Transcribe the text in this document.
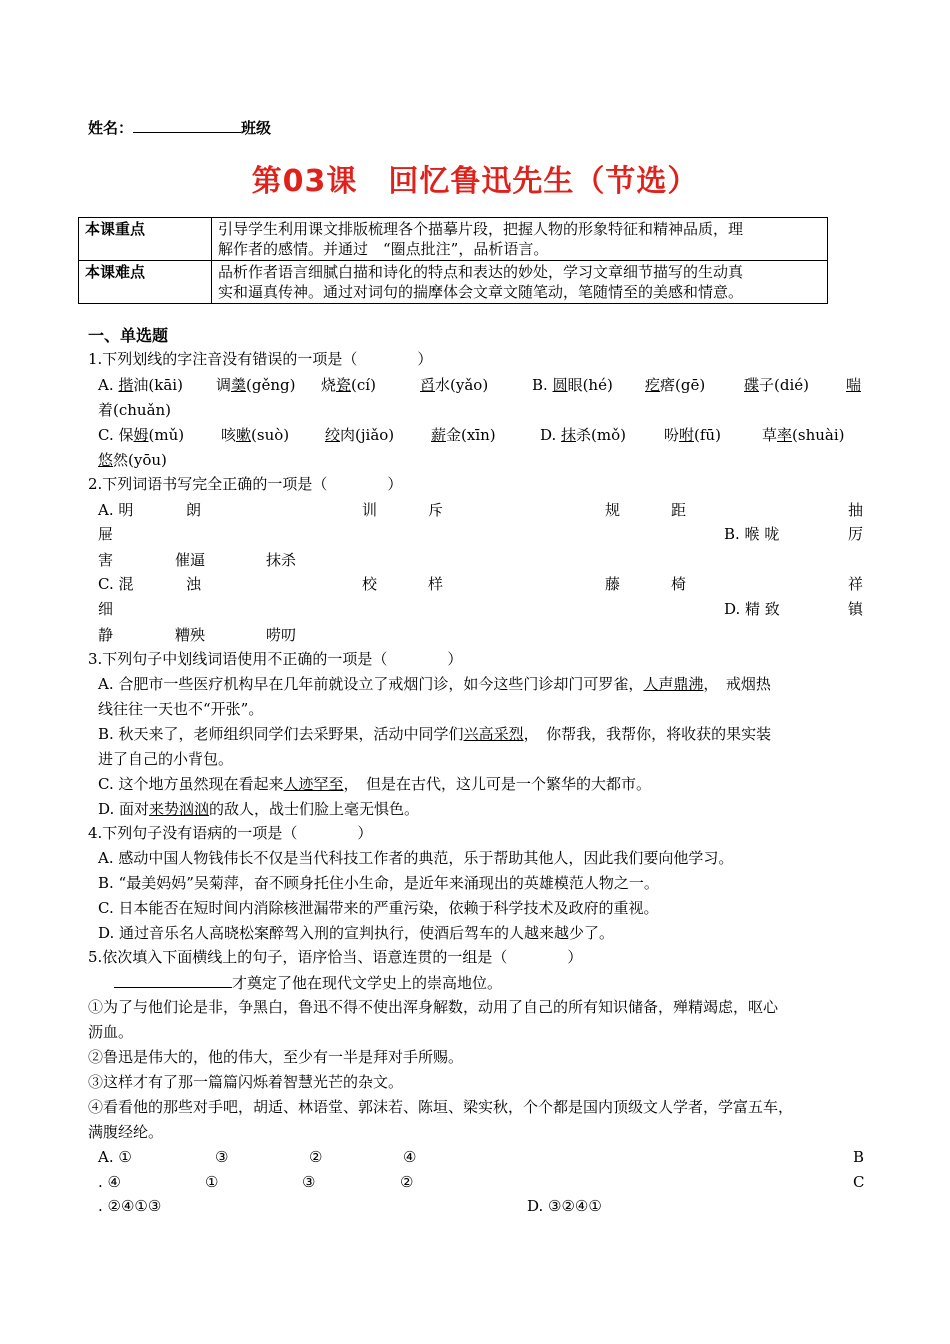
姓名：	班级
第03课　回忆鲁迅先生（节选）
本课重点	引导学生利用课文排版梳理各个描摹片段，把握人物的形象特征和精神品质，理
解作者的感情。并通过　“圈点批注”，品析语言。

本课难点	品析作者语言细腻白描和诗化的特点和表达的妙处，学习文章细节描写的生动真
实和逼真传神。通过对词句的揣摩体会文章文随笔动，笔随情至的美感和情意。
一、单选题
1.下列划线的字注音没有错误的一项是（　　　　）
A. 揩油(kāi) 调羹(gěng) 烧瓷(cí)	舀水(yǎo)	B. 圆眼(hé) 疙瘩(gē)	碟子(dié) 喘
着(chuǎn)
C. 保姆(mǔ) 咳嗽(suò) 绞肉(jiǎo) 薪金(xīn)	D. 抹杀(mǒ)	吩咐(fū)	草率(shuài)
悠然(yōu)
2.下列词语书写完全正确的一项是（　　　　）
A. 明	朗	训	斥	规	距	抽
屉	B. 喉 咙	厉
害	催逼	抹杀
C. 混	浊	校	样	藤	椅	祥
细	D. 精 致	镇
静	糟殃	唠叨
3.下列句子中划线词语使用不正确的一项是（　　　　）
A. 合肥市一些医疗机构早在几年前就设立了戒烟门诊，如今这些门诊却门可罗雀，人声鼎沸，　戒烟热
线往往一天也不“开张”。
B. 秋天来了，老师组织同学们去采野果，活动中同学们兴高采烈，　你帮我，我帮你，将收获的果实装
进了自己的小背包。
C. 这个地方虽然现在看起来人迹罕至，　但是在古代，这儿可是一个繁华的大都市。
D. 面对来势汹汹的敌人，战士们脸上毫无惧色。
4.下列句子没有语病的一项是（　　　　）
A. 感动中国人物钱伟长不仅是当代科技工作者的典范，乐于帮助其他人，因此我们要向他学习。
B. “最美妈妈”吴菊萍，奋不顾身托住小生命，是近年来涌现出的英雄模范人物之一。
C. 日本能否在短时间内消除核泄漏带来的严重污染，依赖于科学技术及政府的重视。
D. 通过音乐名人高晓松案醉驾入刑的宣判执行，使酒后驾车的人越来越少了。
5.依次填入下面横线上的句子，语序恰当、语意连贯的一组是（　　　　）
才奠定了他在现代文学史上的崇高地位。
①为了与他们论是非，争黑白，鲁迅不得不使出浑身解数，动用了自己的所有知识储备，殚精竭虑，呕心
沥血。
②鲁迅是伟大的，他的伟大，至少有一半是拜对手所赐。
③这样才有了那一篇篇闪烁着智慧光芒的杂文。
④看看他的那些对手吧，胡适、林语堂、郭沫若、陈垣、梁实秋，个个都是国内顶级文人学者，学富五车，
满腹经纶。
A. ①	③	②	④	B
. ④	①	③	②	C
. ②④①③	D. ③②④①
